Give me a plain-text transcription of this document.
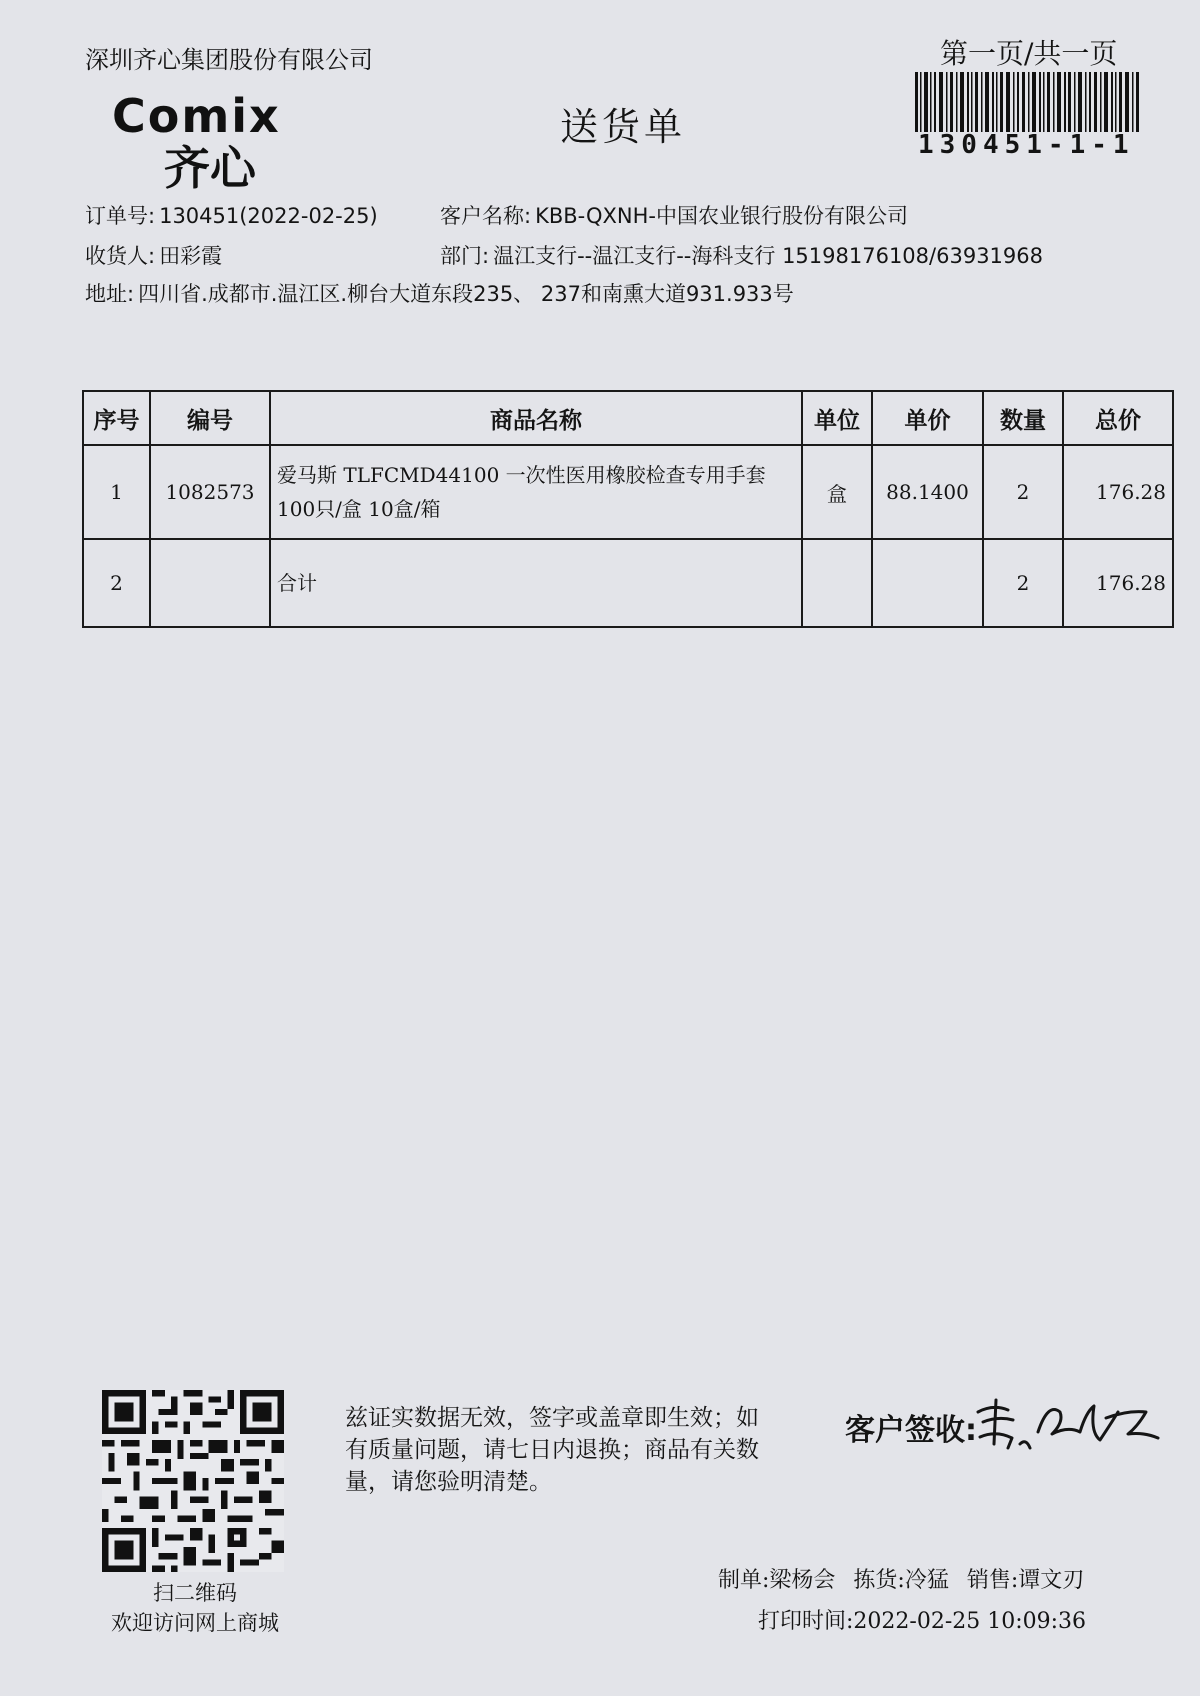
深圳齐心集团股份有限公司
Comix
齐心
送货单
第一页/共一页
130451-1-1
订单号: 130451(2022-02-25)	客户名称: KBB-QXNH-中国农业银行股份有限公司
收货人: 田彩霞	部门: 温江支行--温江支行--海科支行 15198176108/63931968
地址: 四川省.成都市.温江区.柳台大道东段235、 237和南熏大道931.933号
序号	编号	商品名称	单位	单价	数量	总价
1	1082573	爱马斯 TLFCMD44100 一次性医用橡胶检查专用手套 100只/盒 10盒/箱	盒	88.1400	2	176.28
2		合计			2	176.28
扫二维码
欢迎访问网上商城
兹证实数据无效，签字或盖章即生效；如有质量问题，请七日内退换；商品有关数量，请您验明清楚。
客户签收:
制单:梁杨会 拣货:冷猛 销售:谭文刃
打印时间:2022-02-25 10:09:36
